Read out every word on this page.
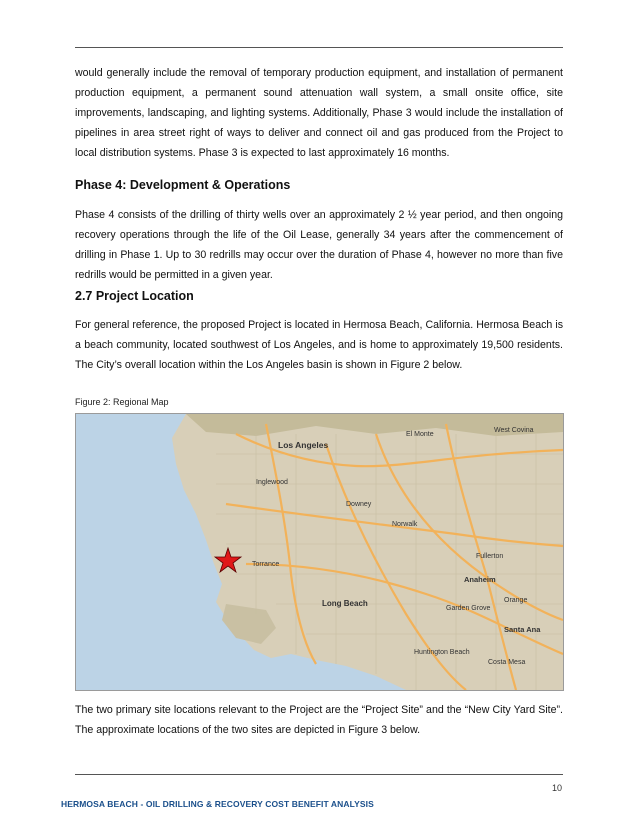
would generally include the removal of temporary production equipment, and installation of permanent production equipment, a permanent sound attenuation wall system, a small onsite office, site improvements, landscaping, and lighting systems. Additionally, Phase 3 would include the installation of pipelines in area street right of ways to deliver and connect oil and gas produced from the Project to local distribution systems. Phase 3 is expected to last approximately 16 months.

Phase 4: Development & Operations

Phase 4 consists of the drilling of thirty wells over an approximately 2 ½ year period, and then ongoing recovery operations through the life of the Oil Lease, generally 34 years after the commencement of drilling in Phase 1. Up to 30 redrills may occur over the duration of Phase 4, however no more than five redrills would be permitted in a given year.

2.7 Project Location

For general reference, the proposed Project is located in Hermosa Beach, California. Hermosa Beach is a beach community, located southwest of Los Angeles, and is home to approximately 19,500 residents. The City’s overall location within the Los Angeles basin is shown in Figure 2 below.

Figure 2: Regional Map
Los Angeles
El Monte
West Covina
Inglewood
Downey
Norwalk
Torrance
Fullerton
Anaheim
Long Beach
Garden Grove
Orange
Santa Ana
Huntington Beach
Costa Mesa

The two primary site locations relevant to the Project are the “Project Site” and the “New City Yard Site”. The approximate locations of the two sites are depicted in Figure 3 below.

10
HERMOSA BEACH - OIL DRILLING & RECOVERY COST BENEFIT ANALYSIS
